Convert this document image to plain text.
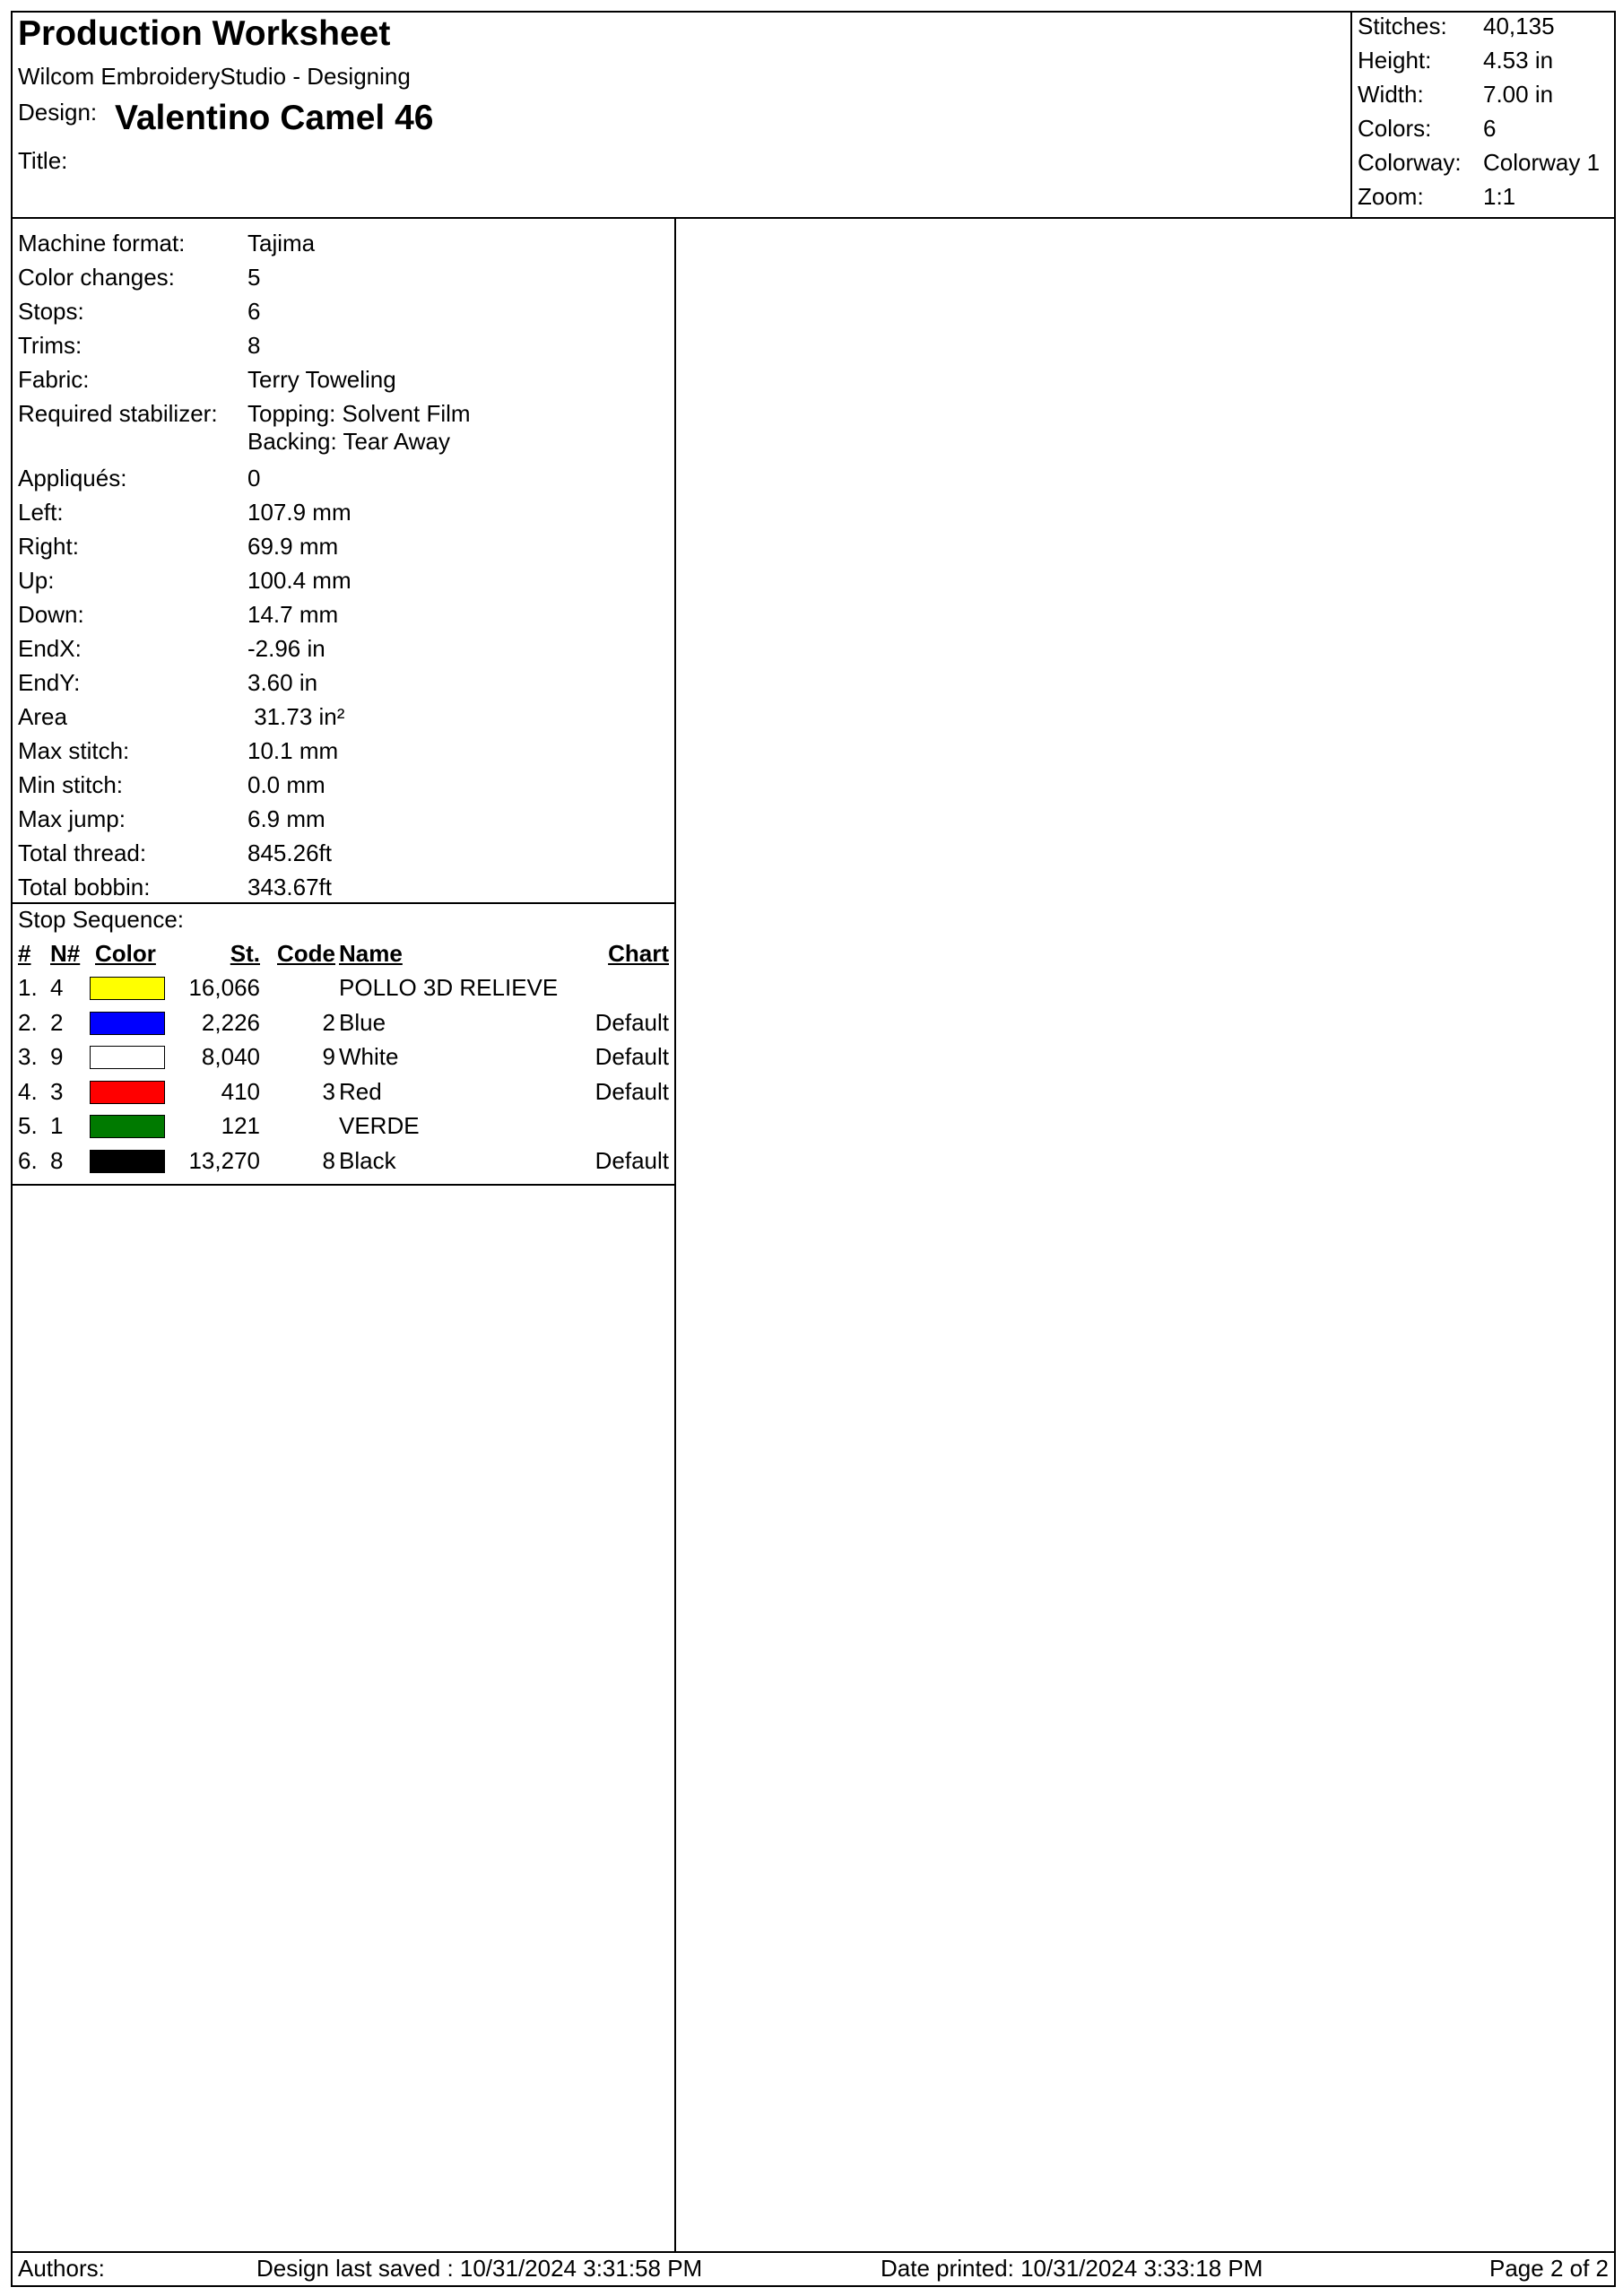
Production Worksheet
Wilcom EmbroideryStudio - Designing
Design: Valentino Camel 46
Title:
Stitches: 40,135
Height: 4.53 in
Width:	7.00 in
Colors: 6
Colorway: Colorway 1
Zoom:	1:1
Machine format:	Tajima
Color changes:	5
Stops:	6
Trims:	8
Fabric:	Terry Toweling
Required stabilizer: Topping: Solvent Film
Backing: Tear Away
Appliqués:	0
Left:	107.9 mm
Right:	69.9 mm
Up:	100.4 mm
Down:	14.7 mm
EndX:	-2.96 in
EndY:	3.60 in
Area	31.73 in²
Max stitch:	10.1 mm
Min stitch:	0.0 mm
Max jump:	6.9 mm
Total thread:	845.26ft
Total bobbin:	343.67ft
Stop Sequence:
# N# Color	St. Code Name	Chart
1. 4	16,066	POLLO 3D RELIEVE
2. 2	2,226	2 Blue	Default
3. 9	8,040	9 White	Default
4. 3	410	3 Red	Default
5. 1	121	VERDE
6. 8	13,270	8 Black	Default
Authors:	Design last saved : 10/31/2024 3:31:58 PM	Date printed: 10/31/2024 3:33:18 PM	Page 2 of 2
